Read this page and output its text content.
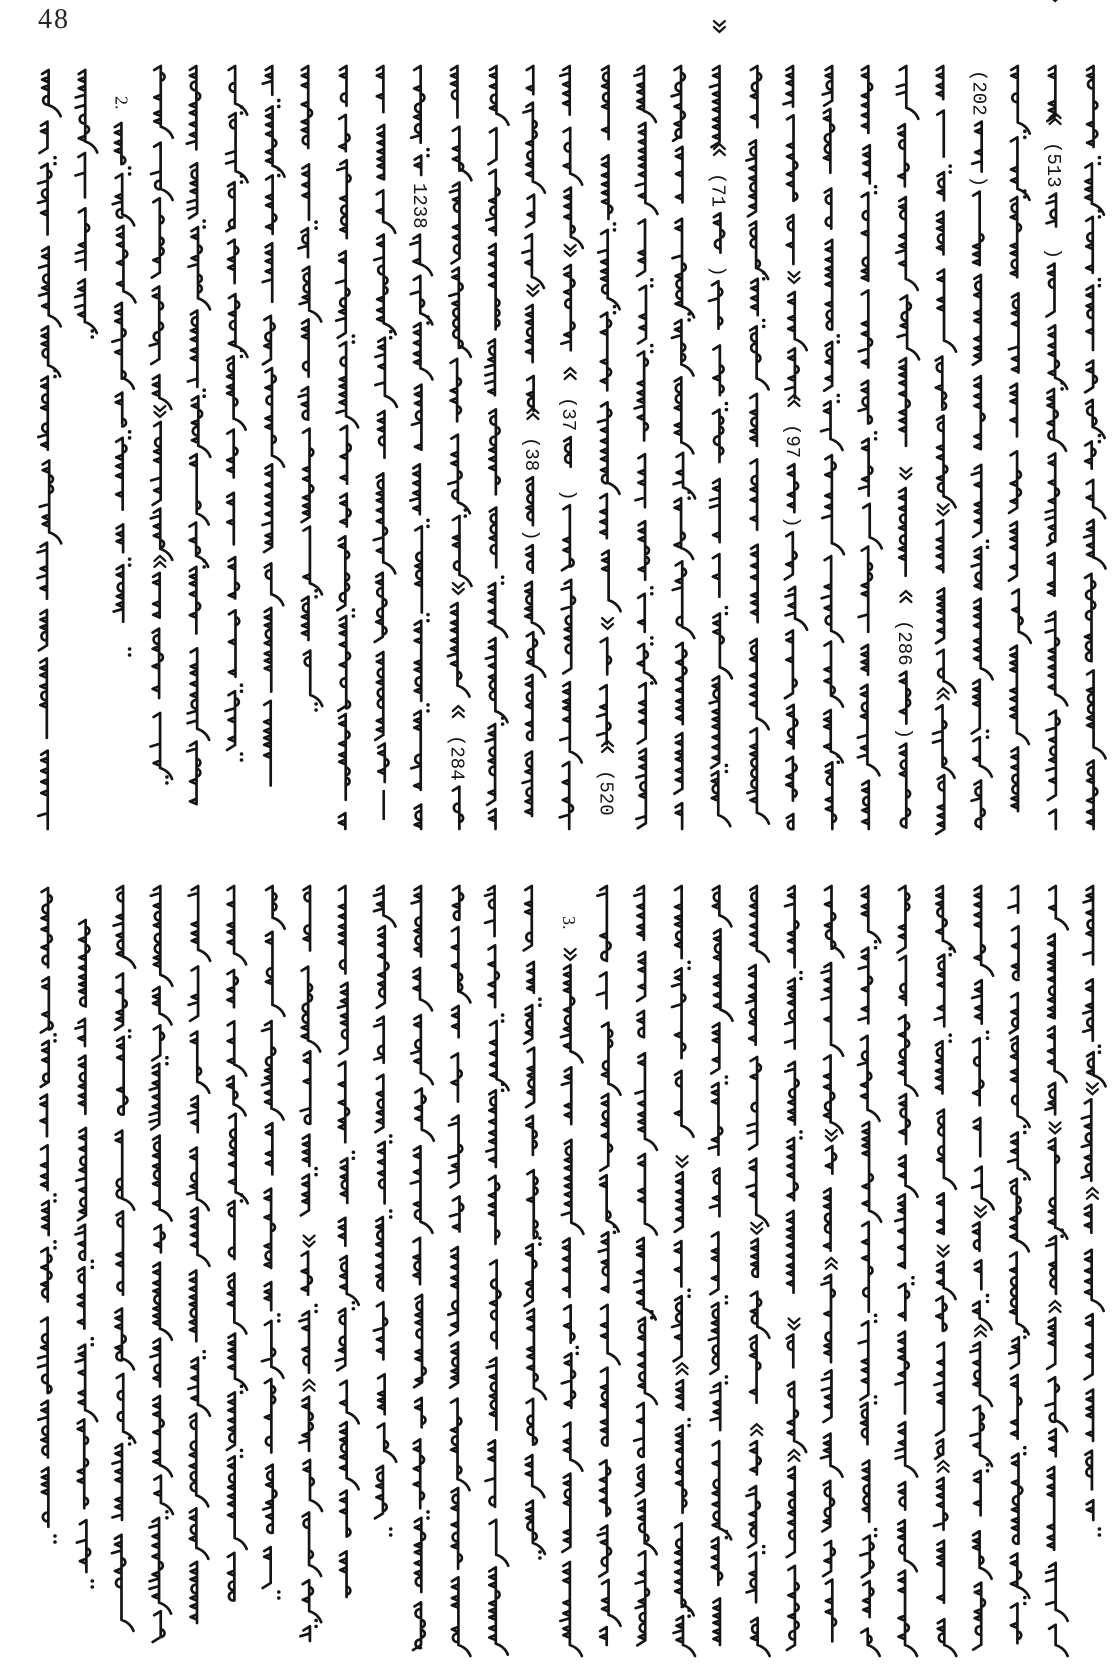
48
2.
1238
(284
(38
)
(37
)
(520
(71
)
(97
)
(286
)
(202
)	(513
)
3.
